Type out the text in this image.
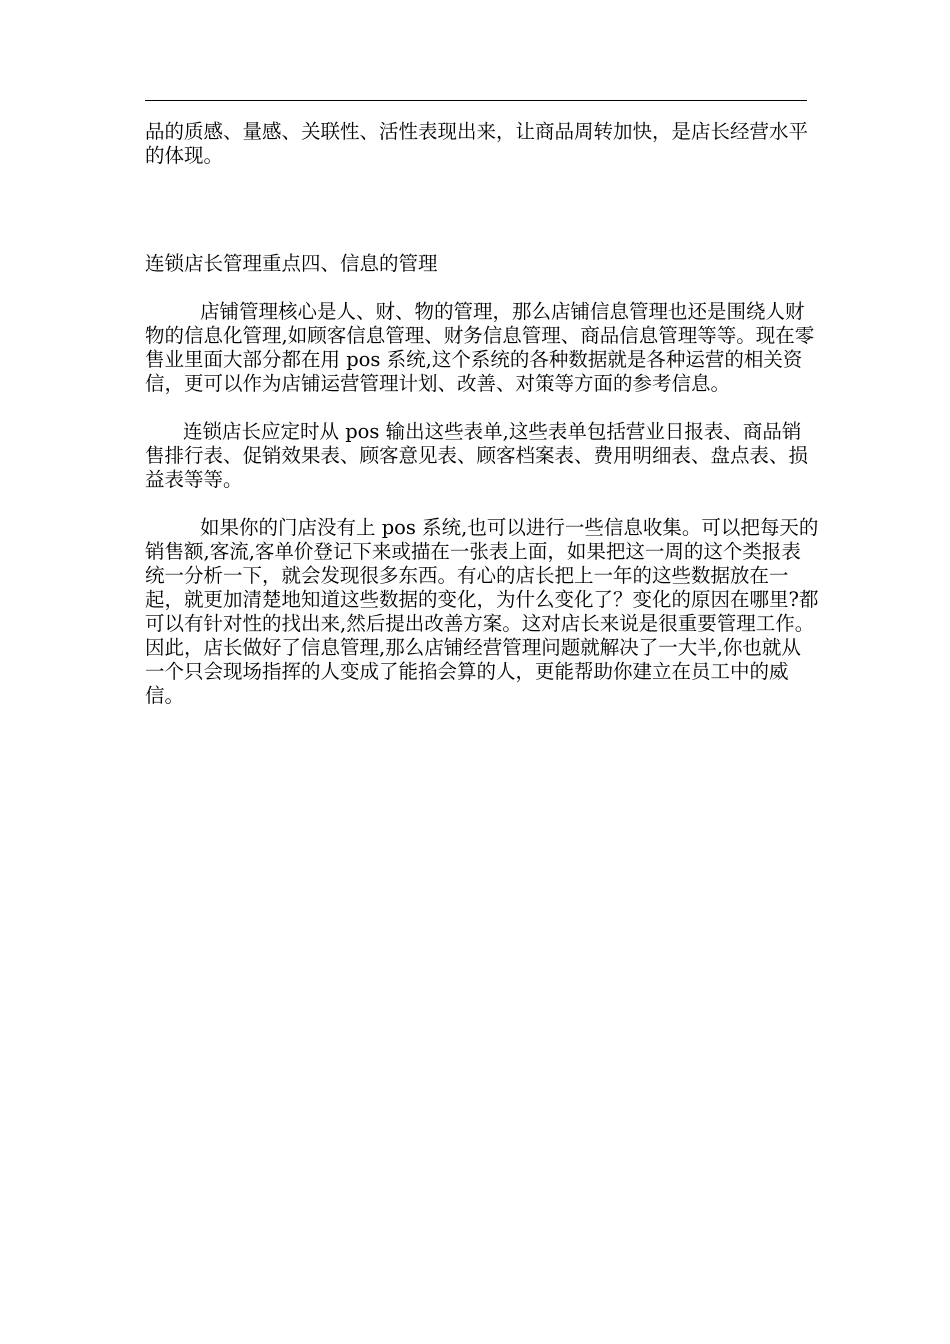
品的质感、量感、关联性、活性表现出来，让商品周转加快，是店长经营水平的体现。

连锁店长管理重点四、信息的管理

店铺管理核心是人、财、物的管理，那么店铺信息管理也还是围绕人财物的信息化管理,如顾客信息管理、财务信息管理、商品信息管理等等。现在零售业里面大部分都在用 pos 系统,这个系统的各种数据就是各种运营的相关资信，更可以作为店铺运营管理计划、改善、对策等方面的参考信息。

连锁店长应定时从 pos 输出这些表单,这些表单包括营业日报表、商品销售排行表、促销效果表、顾客意见表、顾客档案表、费用明细表、盘点表、损益表等等。

如果你的门店没有上 pos 系统,也可以进行一些信息收集。可以把每天的销售额,客流,客单价登记下来或描在一张表上面，如果把这一周的这个类报表统一分析一下，就会发现很多东西。有心的店长把上一年的这些数据放在一起，就更加清楚地知道这些数据的变化，为什么变化了？变化的原因在哪里?都可以有针对性的找出来,然后提出改善方案。这对店长来说是很重要管理工作。因此，店长做好了信息管理,那么店铺经营管理问题就解决了一大半,你也就从一个只会现场指挥的人变成了能掐会算的人，更能帮助你建立在员工中的威信。
